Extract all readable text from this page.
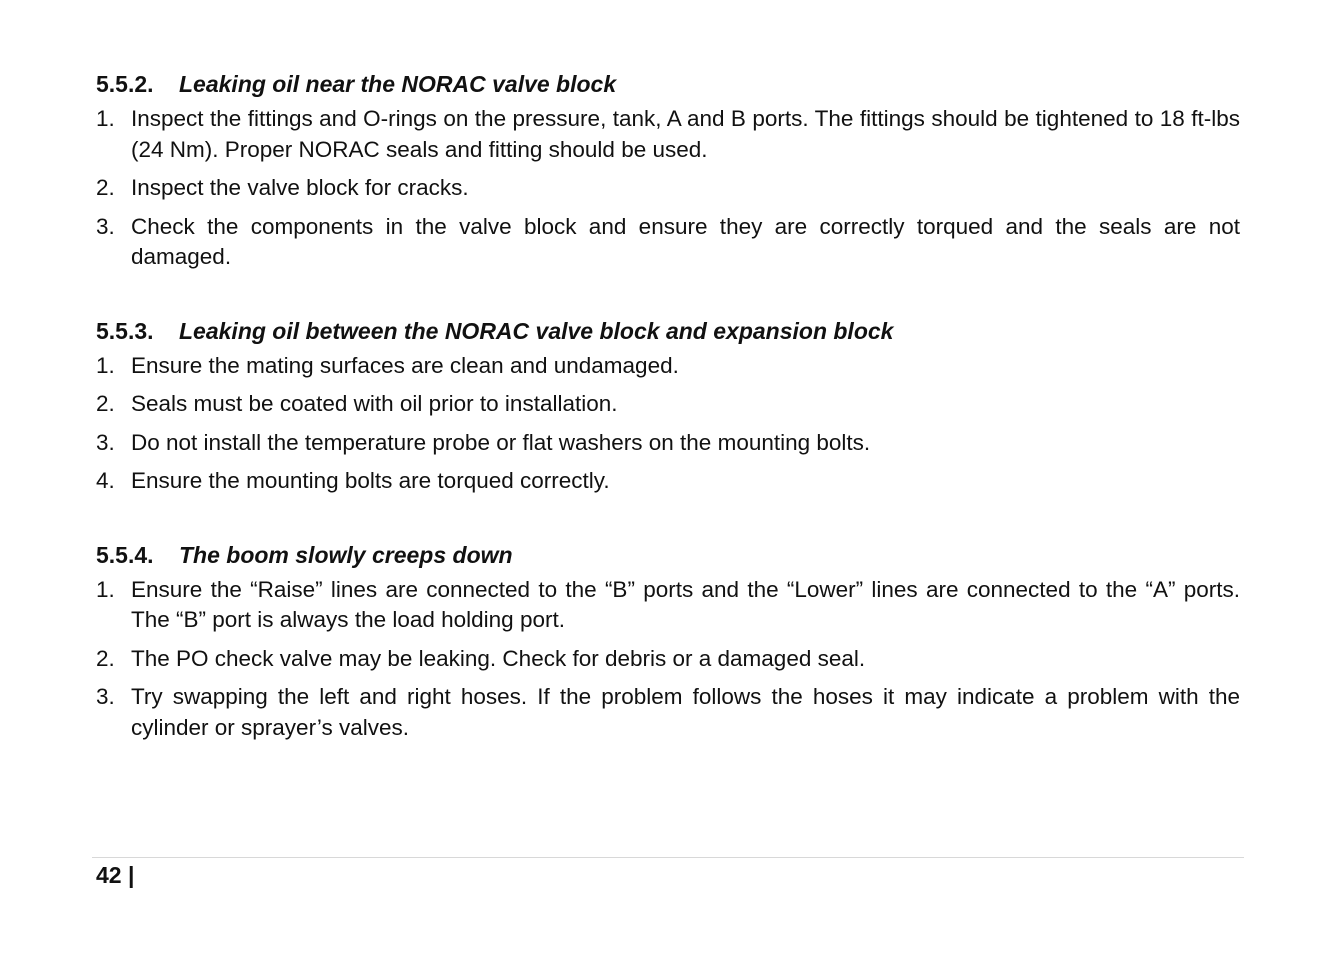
5.5.2.	Leaking oil near the NORAC valve block
1. Inspect the fittings and O-rings on the pressure, tank, A and B ports. The fittings should be tightened to 18 ft-lbs (24 Nm). Proper NORAC seals and fitting should be used.
2. Inspect the valve block for cracks.
3. Check the components in the valve block and ensure they are correctly torqued and the seals are not damaged.
5.5.3.	Leaking oil between the NORAC valve block and expansion block
1. Ensure the mating surfaces are clean and undamaged.
2. Seals must be coated with oil prior to installation.
3. Do not install the temperature probe or flat washers on the mounting bolts.
4. Ensure the mounting bolts are torqued correctly.
5.5.4.	The boom slowly creeps down
1. Ensure the “Raise” lines are connected to the “B” ports and the “Lower” lines are connected to the “A” ports. The “B” port is always the load holding port.
2. The PO check valve may be leaking. Check for debris or a damaged seal.
3. Try swapping the left and right hoses. If the problem follows the hoses it may indicate a problem with the cylinder or sprayer’s valves.
42 |
